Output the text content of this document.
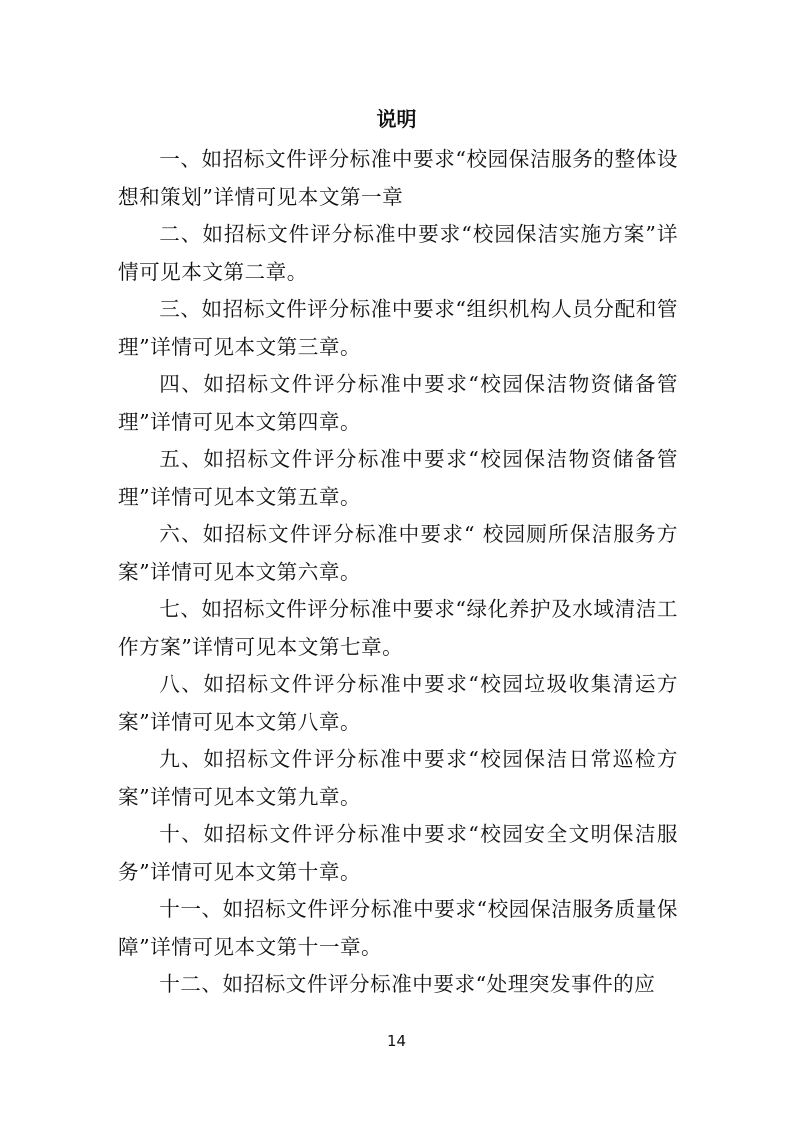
说明

一、如招标文件评分标准中要求“校园保洁服务的整体设想和策划”详情可见本文第一章

二、如招标文件评分标准中要求“校园保洁实施方案”详情可见本文第二章。

三、如招标文件评分标准中要求“组织机构人员分配和管理”详情可见本文第三章。

四、如招标文件评分标准中要求“校园保洁物资储备管理”详情可见本文第四章。

五、如招标文件评分标准中要求“校园保洁物资储备管理”详情可见本文第五章。

六、如招标文件评分标准中要求“ 校园厕所保洁服务方案”详情可见本文第六章。

七、如招标文件评分标准中要求“绿化养护及水域清洁工作方案”详情可见本文第七章。

八、如招标文件评分标准中要求“校园垃圾收集清运方案”详情可见本文第八章。

九、如招标文件评分标准中要求“校园保洁日常巡检方案”详情可见本文第九章。

十、如招标文件评分标准中要求“校园安全文明保洁服务”详情可见本文第十章。

十一、如招标文件评分标准中要求“校园保洁服务质量保障”详情可见本文第十一章。

十二、如招标文件评分标准中要求“处理突发事件的应

14
